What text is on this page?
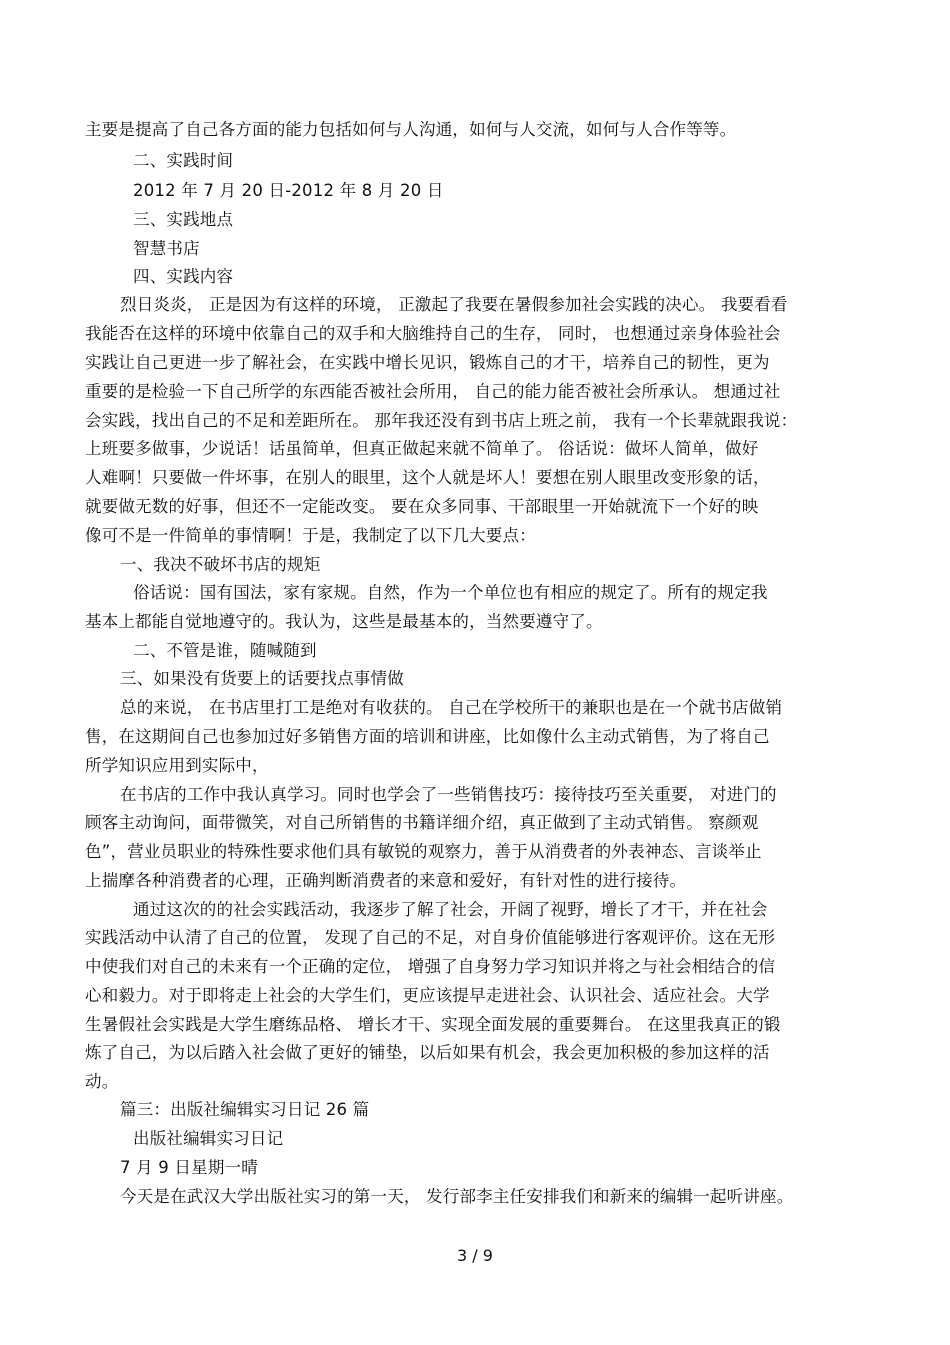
主要是提高了自己各方面的能力包括如何与人沟通，如何与人交流，如何与人合作等等。
二、实践时间
2012 年 7 月 20 日-2012 年 8 月 20 日
三、实践地点
智慧书店
四、实践内容
烈日炎炎， 正是因为有这样的环境， 正激起了我要在暑假参加社会实践的决心。 我要看看
我能否在这样的环境中依靠自己的双手和大脑维持自己的生存， 同时， 也想通过亲身体验社会
实践让自己更进一步了解社会，在实践中增长见识，锻炼自己的才干，培养自己的韧性，更为
重要的是检验一下自己所学的东西能否被社会所用， 自己的能力能否被社会所承认。 想通过社
会实践，找出自己的不足和差距所在。 那年我还没有到书店上班之前， 我有一个长辈就跟我说：
上班要多做事，少说话！话虽简单，但真正做起来就不简单了。 俗话说：做坏人简单，做好
人难啊！只要做一件坏事，在别人的眼里，这个人就是坏人！要想在别人眼里改变形象的话，
就要做无数的好事，但还不一定能改变。 要在众多同事、干部眼里一开始就流下一个好的映
像可不是一件简单的事情啊！于是，我制定了以下几大要点：
一、我决不破坏书店的规矩
俗话说：国有国法，家有家规。自然，作为一个单位也有相应的规定了。所有的规定我
基本上都能自觉地遵守的。我认为，这些是最基本的，当然要遵守了。
二、不管是谁，随喊随到
三、如果没有货要上的话要找点事情做
总的来说， 在书店里打工是绝对有收获的。 自己在学校所干的兼职也是在一个就书店做销
售，在这期间自己也参加过好多销售方面的培训和讲座，比如像什么主动式销售，为了将自己
所学知识应用到实际中，
在书店的工作中我认真学习。同时也学会了一些销售技巧：接待技巧至关重要， 对进门的
顾客主动询问，面带微笑，对自己所销售的书籍详细介绍，真正做到了主动式销售。 察颜观
色”，营业员职业的特殊性要求他们具有敏锐的观察力，善于从消费者的外表神态、言谈举止
上揣摩各种消费者的心理，正确判断消费者的来意和爱好，有针对性的进行接待。
通过这次的的社会实践活动，我逐步了解了社会，开阔了视野，增长了才干，并在社会
实践活动中认清了自己的位置， 发现了自己的不足，对自身价值能够进行客观评价。这在无形
中使我们对自己的未来有一个正确的定位， 增强了自身努力学习知识并将之与社会相结合的信
心和毅力。对于即将走上社会的大学生们，更应该提早走进社会、认识社会、适应社会。大学
生暑假社会实践是大学生磨练品格、 增长才干、实现全面发展的重要舞台。 在这里我真正的锻
炼了自己，为以后踏入社会做了更好的铺垫，以后如果有机会，我会更加积极的参加这样的活
动。
篇三：出版社编辑实习日记 26 篇
出版社编辑实习日记
7 月 9 日星期一晴
今天是在武汉大学出版社实习的第一天， 发行部李主任安排我们和新来的编辑一起听讲座。
3 / 9
